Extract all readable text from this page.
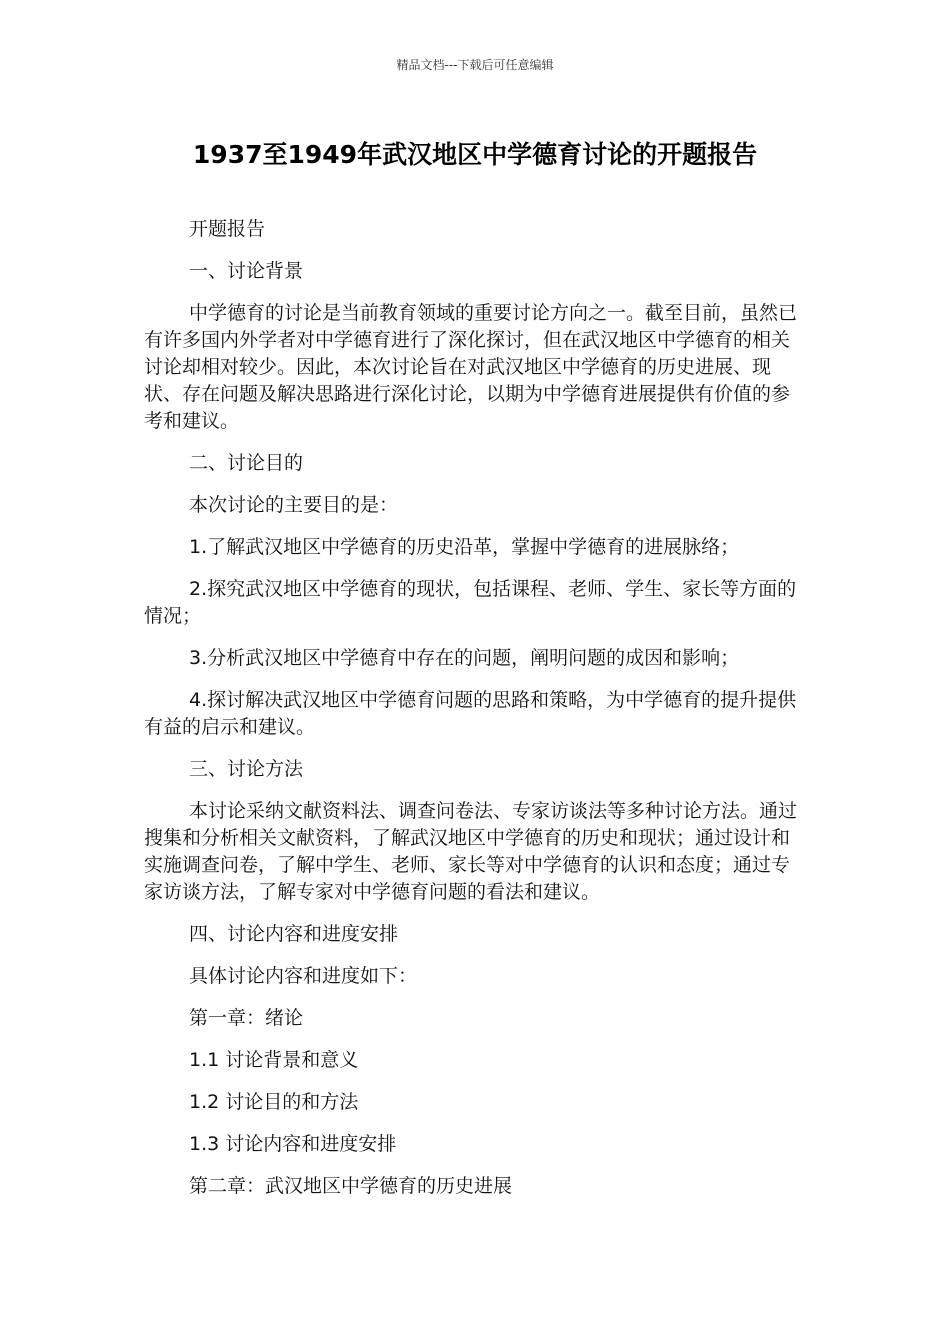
精品文档---下载后可任意编辑
1937至1949年武汉地区中学德育讨论的开题报告

开题报告

一、讨论背景

中学德育的讨论是当前教育领域的重要讨论方向之一。截至目前，虽然已有许多国内外学者对中学德育进行了深化探讨，但在武汉地区中学德育的相关讨论却相对较少。因此，本次讨论旨在对武汉地区中学德育的历史进展、现状、存在问题及解决思路进行深化讨论，以期为中学德育进展提供有价值的参考和建议。

二、讨论目的

本次讨论的主要目的是：

1.了解武汉地区中学德育的历史沿革，掌握中学德育的进展脉络；

2.探究武汉地区中学德育的现状，包括课程、老师、学生、家长等方面的情况；

3.分析武汉地区中学德育中存在的问题，阐明问题的成因和影响；

4.探讨解决武汉地区中学德育问题的思路和策略，为中学德育的提升提供有益的启示和建议。

三、讨论方法

本讨论采纳文献资料法、调查问卷法、专家访谈法等多种讨论方法。通过搜集和分析相关文献资料，了解武汉地区中学德育的历史和现状；通过设计和实施调查问卷，了解中学生、老师、家长等对中学德育的认识和态度；通过专家访谈方法，了解专家对中学德育问题的看法和建议。

四、讨论内容和进度安排

具体讨论内容和进度如下：

第一章：绪论

1.1 讨论背景和意义

1.2 讨论目的和方法

1.3 讨论内容和进度安排

第二章：武汉地区中学德育的历史进展
